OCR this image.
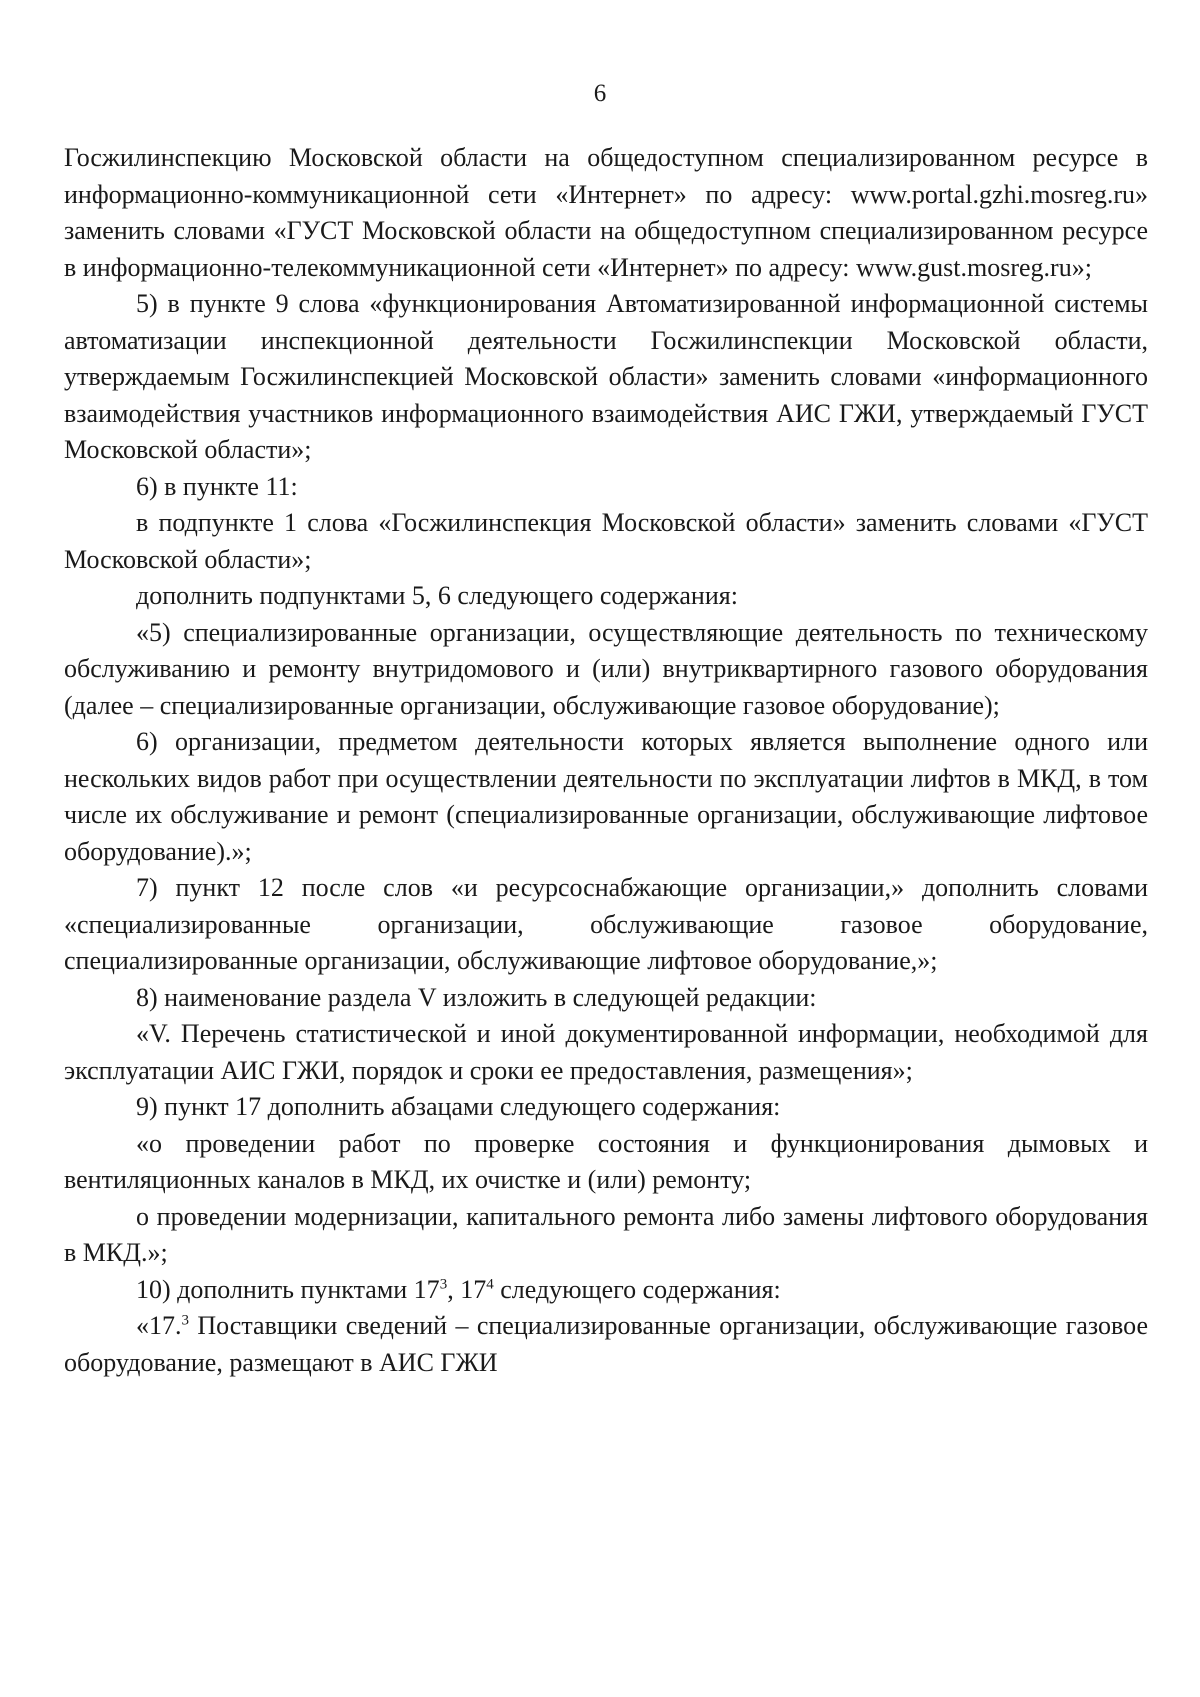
6

Госжилинспекцию Московской области на общедоступном специализированном ресурсе в информационно-коммуникационной сети «Интернет» по адресу: www.portal.gzhi.mosreg.ru» заменить словами «ГУСТ Московской области на общедоступном специализированном ресурсе в информационно-телекоммуникационной сети «Интернет» по адресу: www.gust.mosreg.ru»;

5) в пункте 9 слова «функционирования Автоматизированной информационной системы автоматизации инспекционной деятельности Госжилинспекции Московской области, утверждаемым Госжилинспекцией Московской области» заменить словами «информационного взаимодействия участников информационного взаимодействия АИС ГЖИ, утверждаемый ГУСТ Московской области»;

6) в пункте 11:

в подпункте 1 слова «Госжилинспекция Московской области» заменить словами «ГУСТ Московской области»;

дополнить подпунктами 5, 6 следующего содержания:

«5) специализированные организации, осуществляющие деятельность по техническому обслуживанию и ремонту внутридомового и (или) внутриквартирного газового оборудования (далее – специализированные организации, обслуживающие газовое оборудование);

6) организации, предметом деятельности которых является выполнение одного или нескольких видов работ при осуществлении деятельности по эксплуатации лифтов в МКД, в том числе их обслуживание и ремонт (специализированные организации, обслуживающие лифтовое оборудование).»;

7) пункт 12 после слов «и ресурсоснабжающие организации,» дополнить словами «специализированные организации, обслуживающие газовое оборудование, специализированные организации, обслуживающие лифтовое оборудование,»;

8) наименование раздела V изложить в следующей редакции:

«V. Перечень статистической и иной документированной информации, необходимой для эксплуатации АИС ГЖИ, порядок и сроки ее предоставления, размещения»;

9) пункт 17 дополнить абзацами следующего содержания:

«о проведении работ по проверке состояния и функционирования дымовых и вентиляционных каналов в МКД, их очистке и (или) ремонту;

о проведении модернизации, капитального ремонта либо замены лифтового оборудования в МКД.»;

10) дополнить пунктами $17^3$, $17^4$ следующего содержания:

«17.$^3$ Поставщики сведений – специализированные организации, обслуживающие газовое оборудование, размещают в АИС ГЖИ
